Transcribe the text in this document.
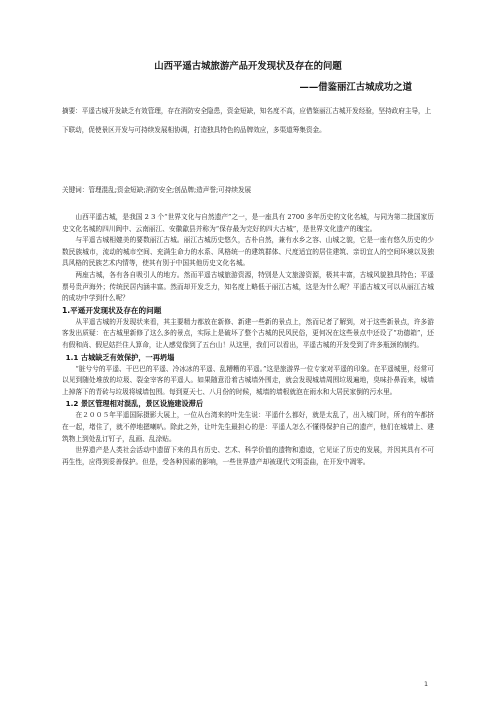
山西平遥古城旅游产品开发现状及存在的问题
——借鉴丽江古城成功之道
摘要：平遥古城开发缺乏有效管理，存在消防安全隐患，资金短缺，知名度不高，应借鉴丽江古城开发经验，坚持政府主导，上下联动，促使景区开发与可持续发展相协调，打造独具特色的品牌效应，多渠道筹集资金。
关键词：管理混乱;资金短缺;消防安全;创品牌;造声誉;可持续发展

山西平遥古城，是我国 2 3 个“世界文化与自然遗产”之一，是一座具有 2700 多年历史的文化名城，与同为第二批国家历史文化名城的四川阆中、云南丽江、安徽歙县并称为“保存最为完好的四大古城”，是世界文化遗产的瑰宝。

与平遥古城相媲美的要数丽江古城。丽江古城历史悠久，古朴自然，兼有水乡之容、山城之貌，它是一座有悠久历史的少数民族城市，流动的城市空间、充满生命力的水系、风格统一的建筑群体、尺度适宜的居住建筑、亲切宜人的空间环境以及独具风格的民族艺术内情等，使其有别于中国其他历史文化名城。

两座古城，各有各自吸引人的地方。然而平遥古城旅游资源，特别是人文旅游资源，极其丰富，古城风貌独具特色；平遥票号贵声海外；传统民居内涵丰富。然而却开发乏力，知名度上略低于丽江古城，这是为什么呢？平遥古城又可以从丽江古城的成功中学到什么呢？

1.平遥开发现状及存在的问题

从平遥古城的开发现状来看，其主要精力都放在新修、新建一些新的景点上，然而记者了解到，对于这些新景点，许多游客发出质疑：在古城里新修了这么多的景点，实际上是破坏了整个古城的民风民俗，更何况在这些景点中还设了“功德箱”，还有假和尚、假尼姑拦住人算命，让人感觉像到了五台山！从这里，我们可以看出，平遥古城的开发受到了许多瓶颈的制约。

1.1 古城缺乏有效保护，一再坍塌

“脏兮兮的平遥、干巴巴的平遥、冷冰冰的平遥、乱糟糟的平遥。”这是旅游界一位专家对平遥的印象。在平遥城里，经常可以见到随处堆放的垃圾、裂金宰客的平遥人。如果随意沿着古城墙外围走，就会发现城墙周围垃圾遍地，臭味扑鼻而来，城墙上掉落下的青砖与垃圾将城墙包围。每到夏天七、八月份的时候，城墙的墙根就泡在雨水和大居民家倒的污水里。

1.2 景区管理相对混乱，景区设施建设滞后

在２００５年平遥国际摄影大展上，一位从台湾来的叶先生说：平遥什么都好，就是太乱了，出入城门时，所有的车都挤在一起，堵住了，就不停地摁喇叭。除此之外，让叶先生最担心的是：平遥人怎么不懂得保护自己的遗产，他们在城墙上、建筑物上到处乱订钉子，乱画、乱涂贴。

世界遗产是人类社会活动中遗留下来的具有历史、艺术、科学价值的遗物和遗迹，它见证了历史的发展，并因其具有不可再生性，应得到妥善保护。但是，受各种因素的影响，一些世界遗产却被现代文明歪曲，在开发中凋零。

1
